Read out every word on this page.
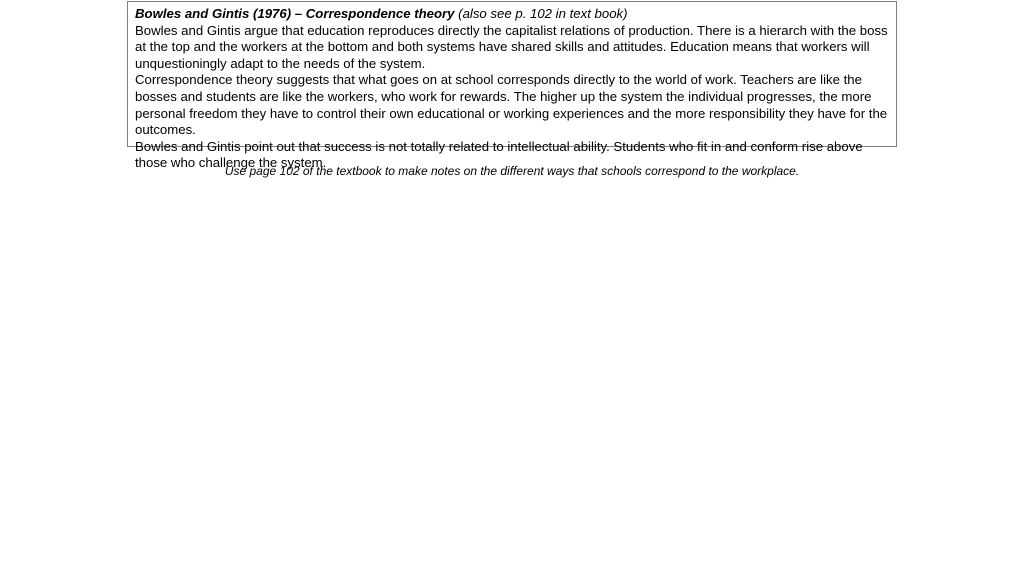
Bowles and Gintis (1976) – Correspondence theory (also see p. 102 in text book)
Bowles and Gintis argue that education reproduces directly the capitalist relations of production. There is a hierarch with the boss at the top and the workers at the bottom and both systems have shared skills and attitudes. Education means that workers will unquestioningly adapt to the needs of the system.
Correspondence theory suggests that what goes on at school corresponds directly to the world of work. Teachers are like the bosses and students are like the workers, who work for rewards. The higher up the system the individual progresses, the more personal freedom they have to control their own educational or working experiences and the more responsibility they have for the outcomes.
Bowles and Gintis point out that success is not totally related to intellectual ability. Students who fit in and conform rise above those who challenge the system.
Use page 102 of the textbook to make notes on the different ways that schools correspond to the workplace.
